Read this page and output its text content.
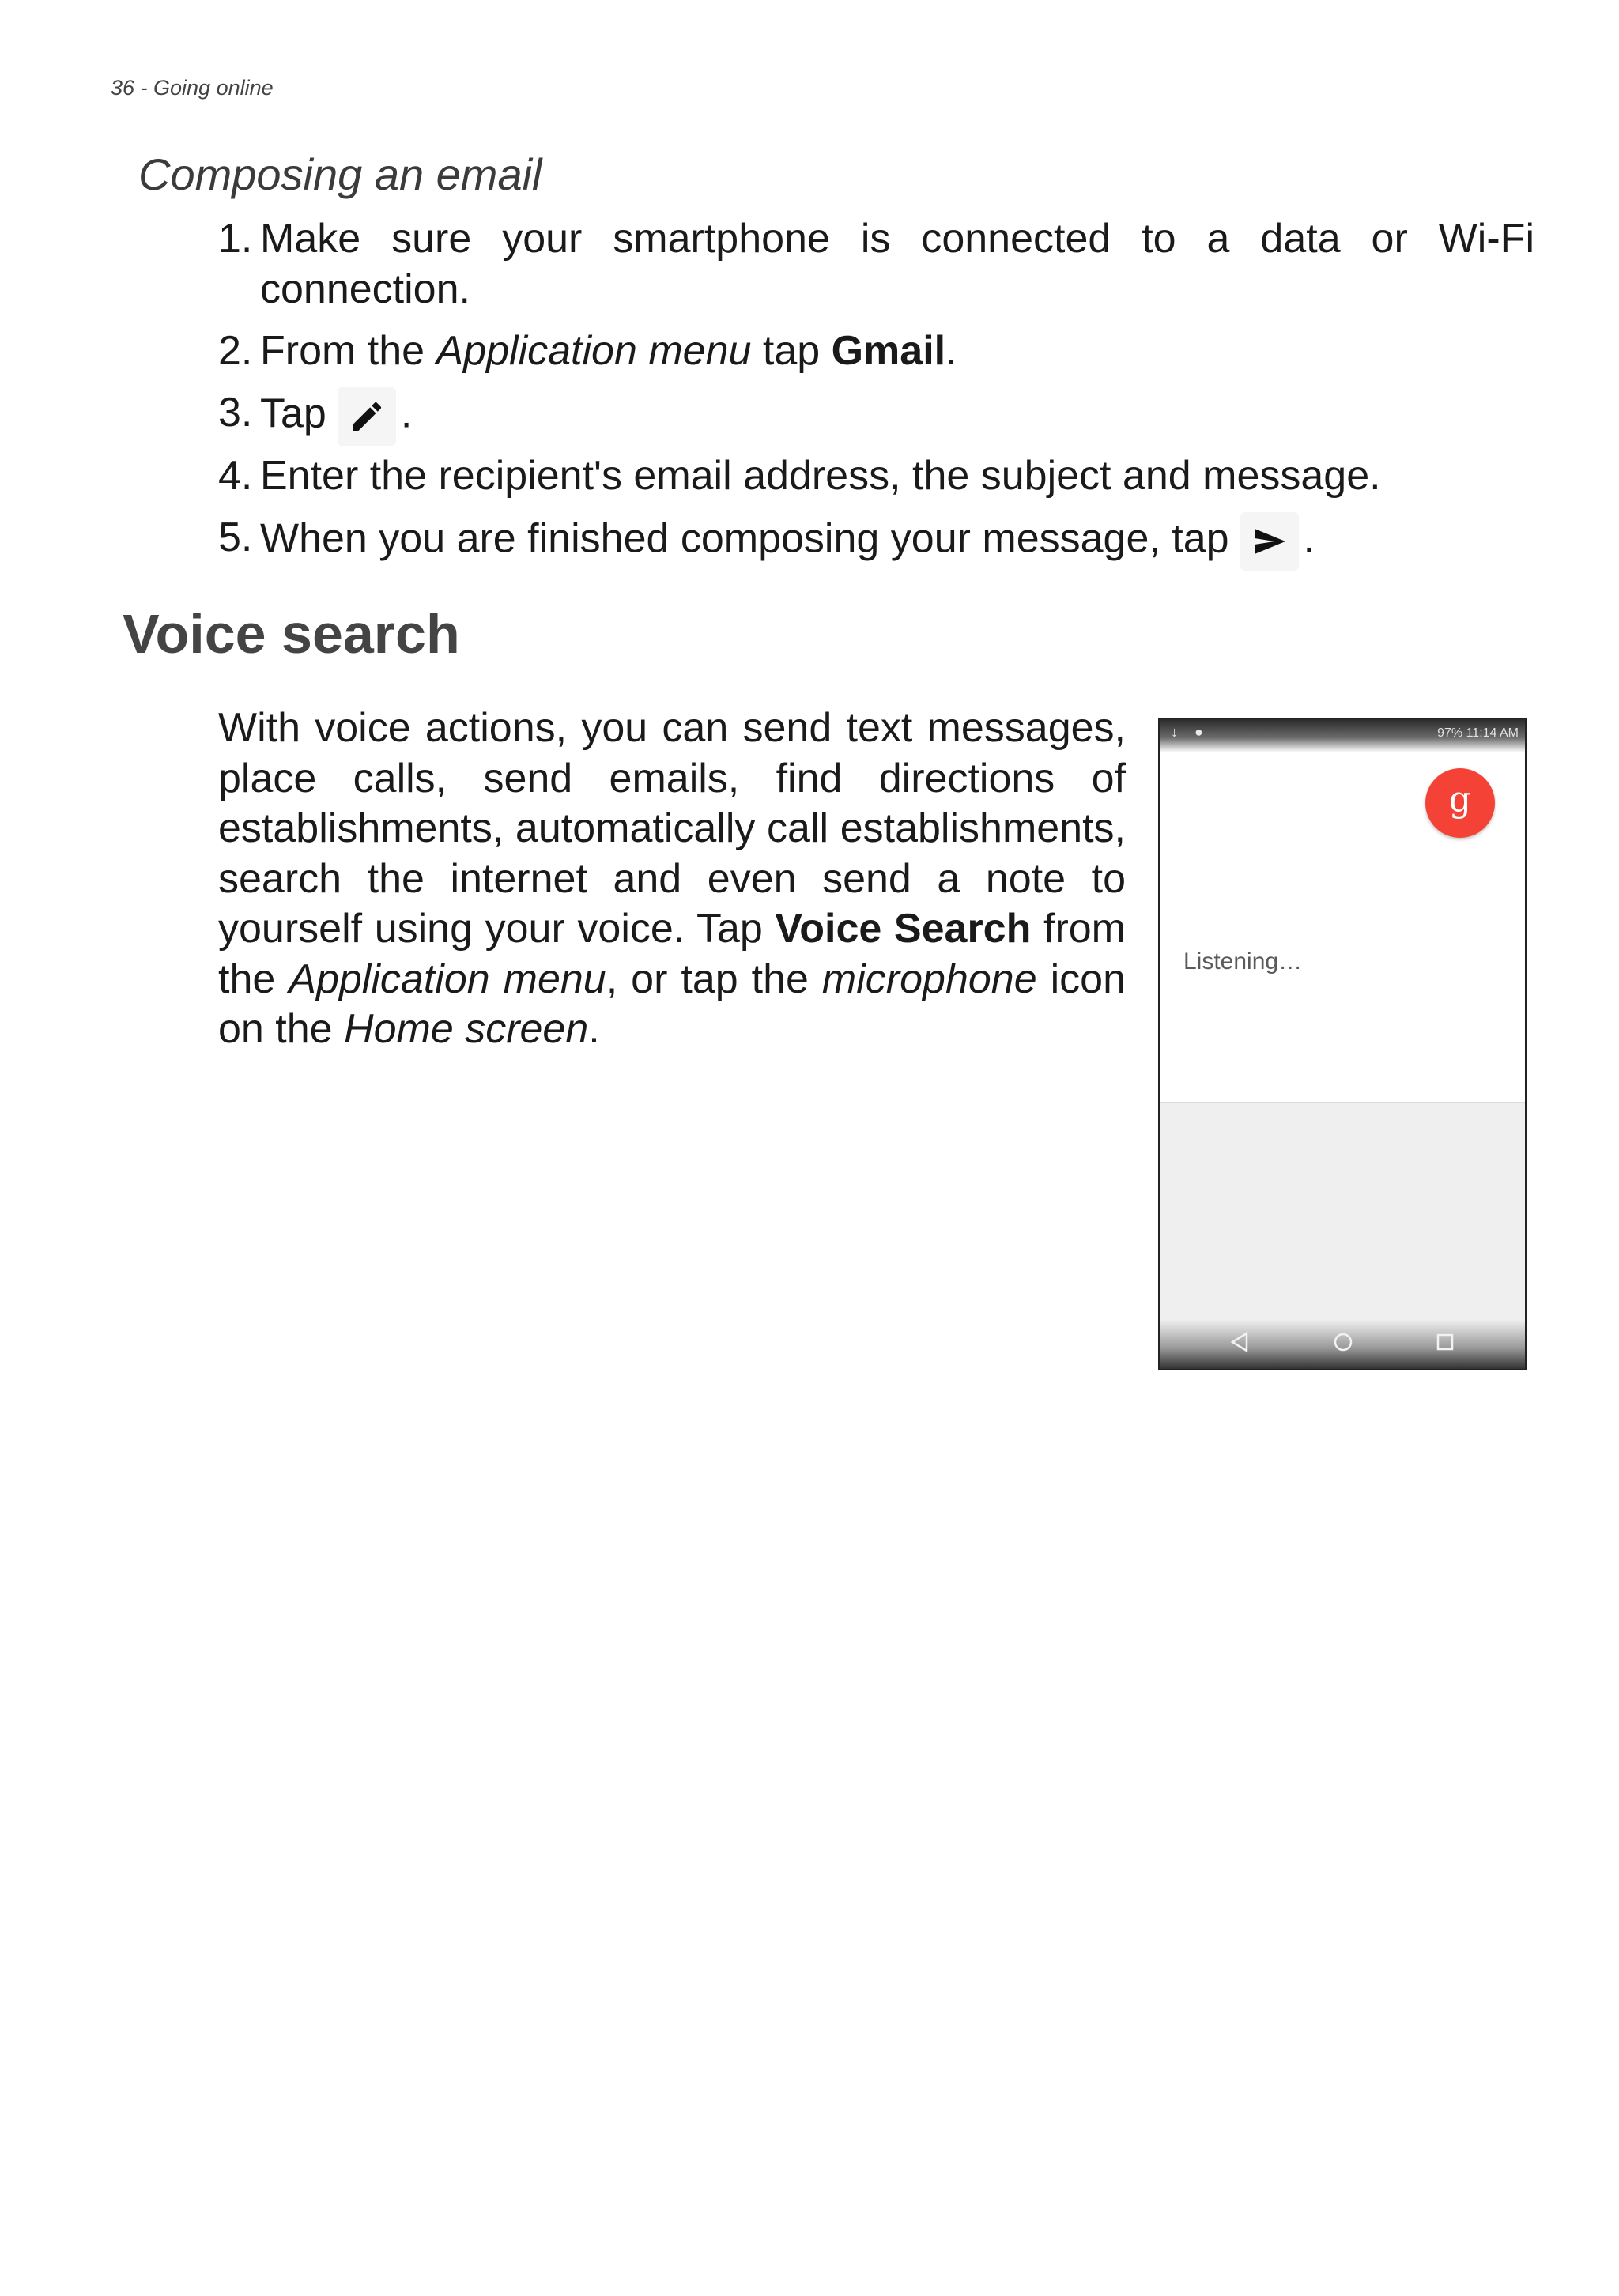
36 - Going online
Composing an email
1. Make sure your smartphone is connected to a data or Wi-Fi connection.
2. From the Application menu tap Gmail.
3. Tap .
4. Enter the recipient's email address, the subject and message.
5. When you are finished composing your message, tap .
Voice search
With voice actions, you can send text messages, place calls, send emails, find directions of establishments, automatically call establishments, search the internet and even send a note to yourself using your voice. Tap Voice Search from the Application menu, or tap the microphone icon on the Home screen.
↓ ●	97% 11:14 AM
g
Listening…
